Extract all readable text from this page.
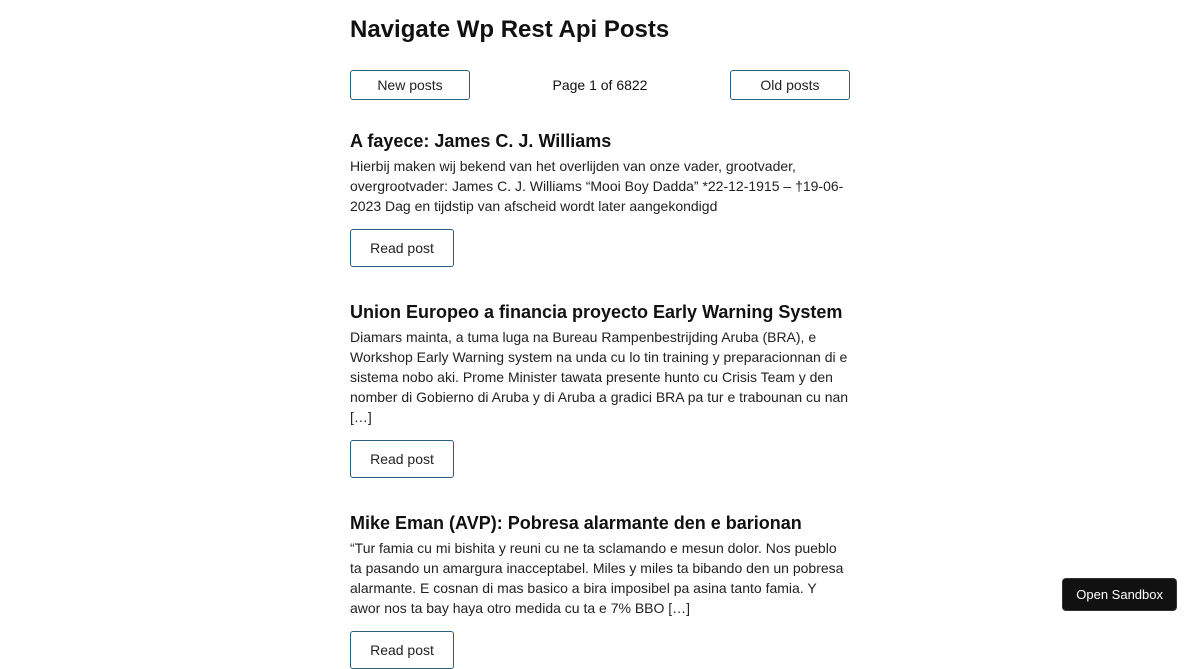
Navigate Wp Rest Api Posts
New posts	Page 1 of 6822	Old posts
A fayece: James C. J. Williams

Hierbij maken wij bekend van het overlijden van onze vader, grootvader, overgrootvader: James C. J. Williams “Mooi Boy Dadda” *22-12-1915 – †19-06-2023 Dag en tijdstip van afscheid wordt later aangekondigd

Read post
Union Europeo a financia proyecto Early Warning System

Diamars mainta, a tuma luga na Bureau Rampenbestrijding Aruba (BRA), e Workshop Early Warning system na unda cu lo tin training y preparacionnan di e sistema nobo aki. Prome Minister tawata presente hunto cu Crisis Team y den nomber di Gobierno di Aruba y di Aruba a gradici BRA pa tur e trabounan cu nan […]

Read post
Mike Eman (AVP): Pobresa alarmante den e barionan

“Tur famia cu mi bishita y reuni cu ne ta sclamando e mesun dolor. Nos pueblo ta pasando un amargura inacceptabel. Miles y miles ta bibando den un pobresa alarmante. E cosnan di mas basico a bira imposibel pa asina tanto famia. Y awor nos ta bay haya otro medida cu ta e 7% BBO […]

Read post
Open Sandbox
